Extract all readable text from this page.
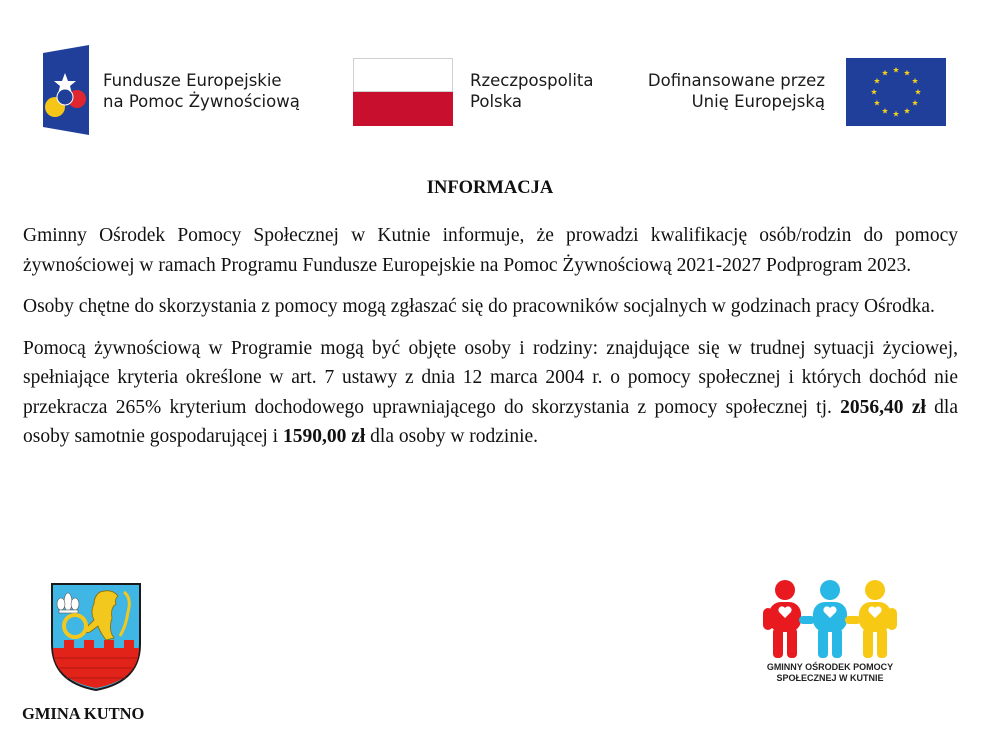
Fundusze Europejskie
na Pomoc Żywnościową
Rzeczpospolita
Polska
Dofinansowane przez
Unię Europejską
INFORMACJA

Gminny Ośrodek Pomocy Społecznej w Kutnie informuje, że prowadzi kwalifikację osób/rodzin do pomocy żywnościowej w ramach Programu Fundusze Europejskie na Pomoc Żywnościową 2021-2027 Podprogram 2023.

Osoby chętne do skorzystania z pomocy mogą zgłaszać się do pracowników socjalnych w godzinach pracy Ośrodka.

Pomocą żywnościową w Programie mogą być objęte osoby i rodziny: znajdujące się w trudnej sytuacji życiowej, spełniające kryteria określone w art. 7 ustawy z dnia 12 marca 2004 r. o pomocy społecznej i których dochód nie przekracza 265% kryterium dochodowego uprawniającego do skorzystania z pomocy społecznej tj. 2056,40 zł dla osoby samotnie gospodarującej i 1590,00 zł dla osoby w rodzinie.

GMINA KUTNO
GMINNY OŚRODEK POMOCY
SPOŁECZNEJ W KUTNIE
